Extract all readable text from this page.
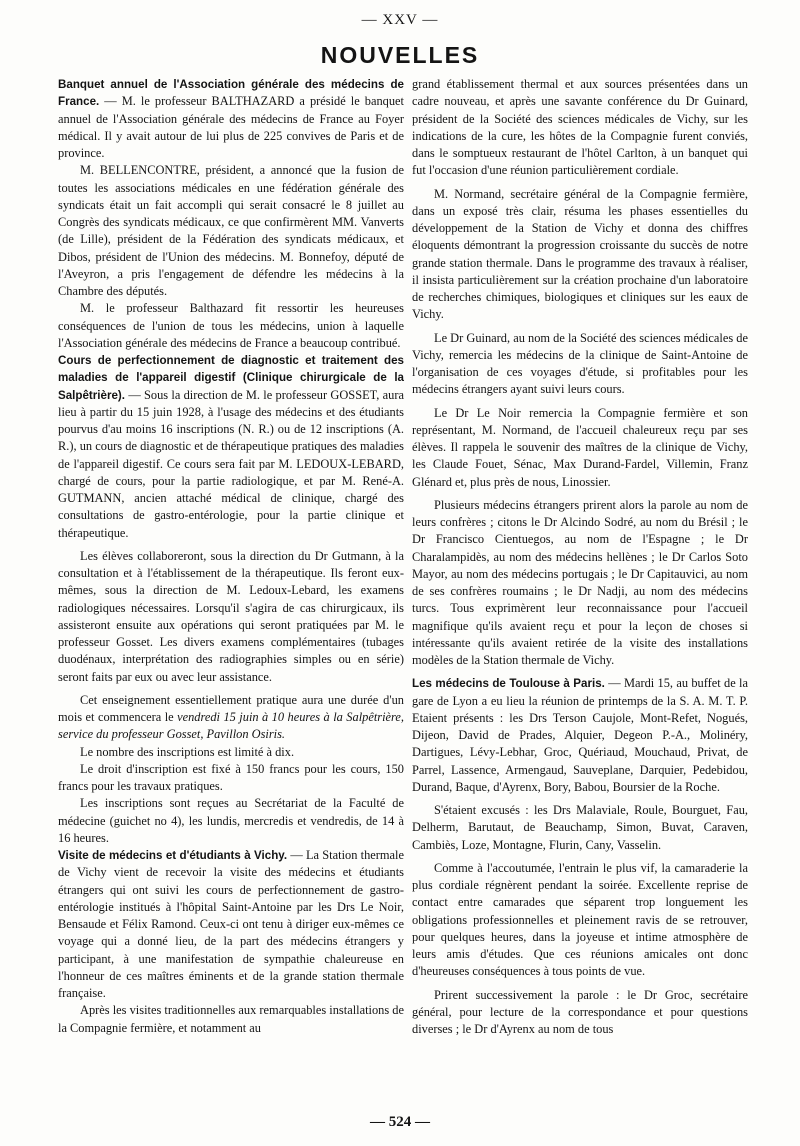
— XXV —
NOUVELLES

Banquet annuel de l'Association générale des médecins de France. — M. le professeur BALTHAZARD a présidé le banquet annuel de l'Association générale des médecins de France au Foyer médical. Il y avait autour de lui plus de 225 convives de Paris et de province.

M. BELLENCONTRE, président, a annoncé que la fusion de toutes les associations médicales en une fédération générale des syndicats était un fait accompli qui serait consacré le 8 juillet au Congrès des syndicats médicaux, ce que confirmèrent MM. Vanverts (de Lille), président de la Fédération des syndicats médicaux, et Dibos, président de l'Union des médecins. M. Bonnefoy, député de l'Aveyron, a pris l'engagement de défendre les médecins à la Chambre des députés.

M. le professeur Balthazard fit ressortir les heureuses conséquences de l'union de tous les médecins, union à laquelle l'Association générale des médecins de France a beaucoup contribué.

Cours de perfectionnement de diagnostic et traitement des maladies de l'appareil digestif (Clinique chirurgicale de la Salpêtrière). — Sous la direction de M. le professeur GOSSET, aura lieu à partir du 15 juin 1928, à l'usage des médecins et des étudiants pourvus d'au moins 16 inscriptions (N. R.) ou de 12 inscriptions (A. R.), un cours de diagnostic et de thérapeutique pratiques des maladies de l'appareil digestif. Ce cours sera fait par M. LEDOUX-LEBARD, chargé de cours, pour la partie radiologique, et par M. René-A. GUTMANN, ancien attaché médical de clinique, chargé des consultations de gastro-entérologie, pour la partie clinique et thérapeutique.

Les élèves collaboreront, sous la direction du Dr Gutmann, à la consultation et à l'établissement de la thérapeutique. Ils feront eux-mêmes, sous la direction de M. Ledoux-Lebard, les examens radiologiques nécessaires. Lorsqu'il s'agira de cas chirurgicaux, ils assisteront ensuite aux opérations qui seront pratiquées par M. le professeur Gosset. Les divers examens complémentaires (tubages duodénaux, interprétation des radiographies simples ou en série) seront faits par eux ou avec leur assistance.

Cet enseignement essentiellement pratique aura une durée d'un mois et commencera le vendredi 15 juin à 10 heures à la Salpêtrière, service du professeur Gosset, Pavillon Osiris.

Le nombre des inscriptions est limité à dix.

Le droit d'inscription est fixé à 150 francs pour les cours, 150 francs pour les travaux pratiques.

Les inscriptions sont reçues au Secrétariat de la Faculté de médecine (guichet no 4), les lundis, mercredis et vendredis, de 14 à 16 heures.

Visite de médecins et d'étudiants à Vichy. — La Station thermale de Vichy vient de recevoir la visite des médecins et étudiants étrangers qui ont suivi les cours de perfectionnement de gastro-entérologie institués à l'hôpital Saint-Antoine par les Drs Le Noir, Bensaude et Félix Ramond. Ceux-ci ont tenu à diriger eux-mêmes ce voyage qui a donné lieu, de la part des médecins étrangers y participant, à une manifestation de sympathie chaleureuse en l'honneur de ces maîtres éminents et de la grande station thermale française.

Après les visites traditionnelles aux remarquables installations de la Compagnie fermière, et notamment au

grand établissement thermal et aux sources présentées dans un cadre nouveau, et après une savante conférence du Dr Guinard, président de la Société des sciences médicales de Vichy, sur les indications de la cure, les hôtes de la Compagnie furent conviés, dans le somptueux restaurant de l'hôtel Carlton, à un banquet qui fut l'occasion d'une réunion particulièrement cordiale.

M. Normand, secrétaire général de la Compagnie fermière, dans un exposé très clair, résuma les phases essentielles du développement de la Station de Vichy et donna des chiffres éloquents démontrant la progression croissante du succès de notre grande station thermale. Dans le programme des travaux à réaliser, il insista particulièrement sur la création prochaine d'un laboratoire de recherches chimiques, biologiques et cliniques sur les eaux de Vichy.

Le Dr Guinard, au nom de la Société des sciences médicales de Vichy, remercia les médecins de la clinique de Saint-Antoine de l'organisation de ces voyages d'étude, si profitables pour les médecins étrangers ayant suivi leurs cours.

Le Dr Le Noir remercia la Compagnie fermière et son représentant, M. Normand, de l'accueil chaleureux reçu par ses élèves. Il rappela le souvenir des maîtres de la clinique de Vichy, les Claude Fouet, Sénac, Max Durand-Fardel, Villemin, Franz Glénard et, plus près de nous, Linossier.

Plusieurs médecins étrangers prirent alors la parole au nom de leurs confrères ; citons le Dr Alcindo Sodré, au nom du Brésil ; le Dr Francisco Cientuegos, au nom de l'Espagne ; le Dr Charalampidès, au nom des médecins hellènes ; le Dr Carlos Soto Mayor, au nom des médecins portugais ; le Dr Capitauvici, au nom de ses confrères roumains ; le Dr Nadji, au nom des médecins turcs. Tous exprimèrent leur reconnaissance pour l'accueil magnifique qu'ils avaient reçu et pour la leçon de choses si intéressante qu'ils avaient retirée de la visite des installations modèles de la Station thermale de Vichy.

Les médecins de Toulouse à Paris. — Mardi 15, au buffet de la gare de Lyon a eu lieu la réunion de printemps de la S. A. M. T. P. Etaient présents : les Drs Terson Caujole, Mont-Refet, Nogués, Dijeon, David de Prades, Alquier, Degeon P.-A., Molinéry, Dartigues, Lévy-Lebhar, Groc, Quériaud, Mouchaud, Privat, de Parrel, Lassence, Armengaud, Sauveplane, Darquier, Pedebidou, Durand, Baque, d'Ayrenx, Bory, Babou, Boursier de la Roche.

S'étaient excusés : les Drs Malaviale, Roule, Bourguet, Fau, Delherm, Barutaut, de Beauchamp, Simon, Buvat, Caraven, Cambiès, Loze, Montagne, Flurin, Cany, Vasselin.

Comme à l'accoutumée, l'entrain le plus vif, la camaraderie la plus cordiale régnèrent pendant la soirée. Excellente reprise de contact entre camarades que séparent trop longuement les obligations professionnelles et pleinement ravis de se retrouver, pour quelques heures, dans la joyeuse et intime atmosphère de leurs amis d'études. Que ces réunions amicales ont donc d'heureuses conséquences à tous points de vue.

Prirent successivement la parole : le Dr Groc, secrétaire général, pour lecture de la correspondance et pour questions diverses ; le Dr d'Ayrenx au nom de tous

— 524 —
